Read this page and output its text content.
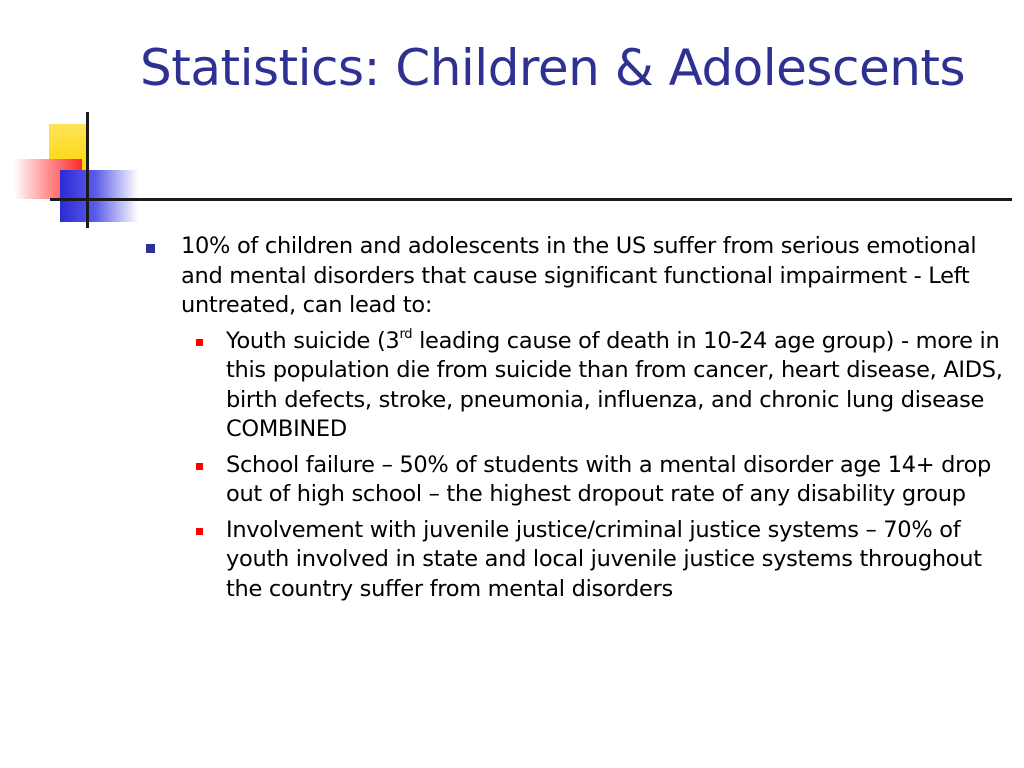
Statistics: Children & Adolescents
10% of children and adolescents in the US suffer from serious emotional and mental disorders that cause significant functional impairment - Left untreated, can lead to:
Youth suicide (3rd leading cause of death in 10-24 age group) - more in this population die from suicide than from cancer, heart disease, AIDS, birth defects, stroke, pneumonia, influenza, and chronic lung disease COMBINED
School failure – 50% of students with a mental disorder age 14+ drop out of high school – the highest dropout rate of any disability group
Involvement with juvenile justice/criminal justice systems – 70% of youth involved in state and local juvenile justice systems throughout the country suffer from mental disorders
